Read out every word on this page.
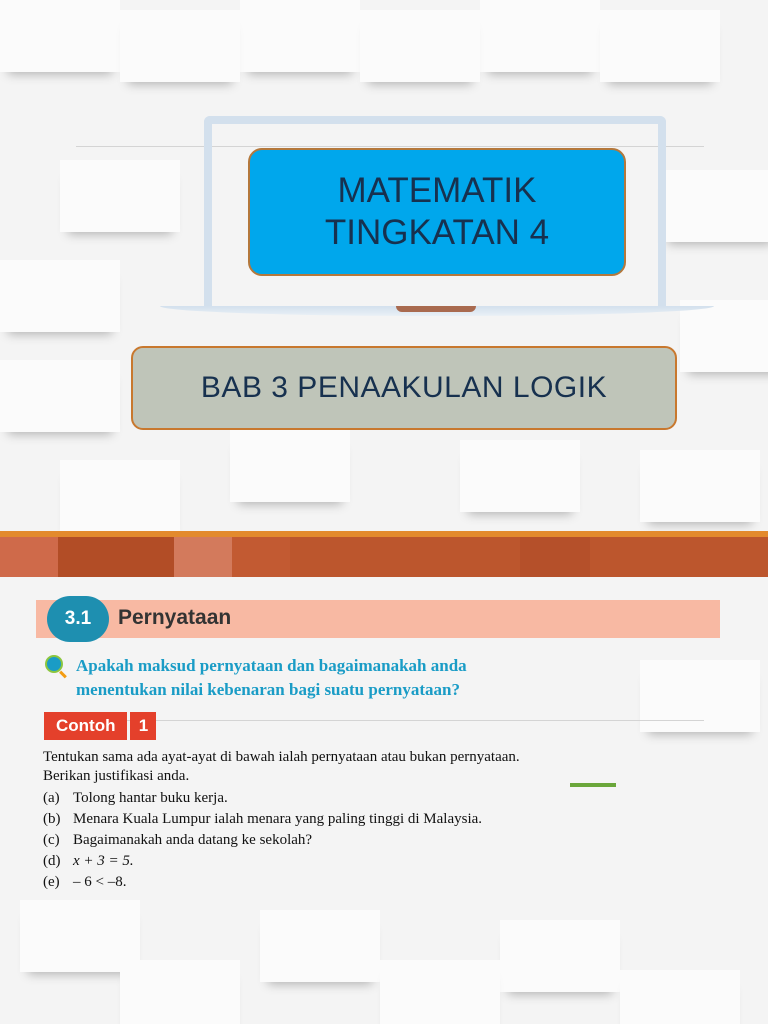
MATEMATIK
TINGKATAN 4
BAB 3 PENAAKULAN LOGIK
3.1	Pernyataan
Apakah maksud pernyataan dan bagaimanakah anda menentukan nilai kebenaran bagi suatu pernyataan?
Contoh	1

Tentukan sama ada ayat-ayat di bawah ialah pernyataan atau bukan pernyataan.

Berikan justifikasi anda.

(a) Tolong hantar buku kerja.
(b) Menara Kuala Lumpur ialah menara yang paling tinggi di Malaysia.
(c) Bagaimanakah anda datang ke sekolah?
(d) x + 3 = 5.
(e) – 6 < –8.
